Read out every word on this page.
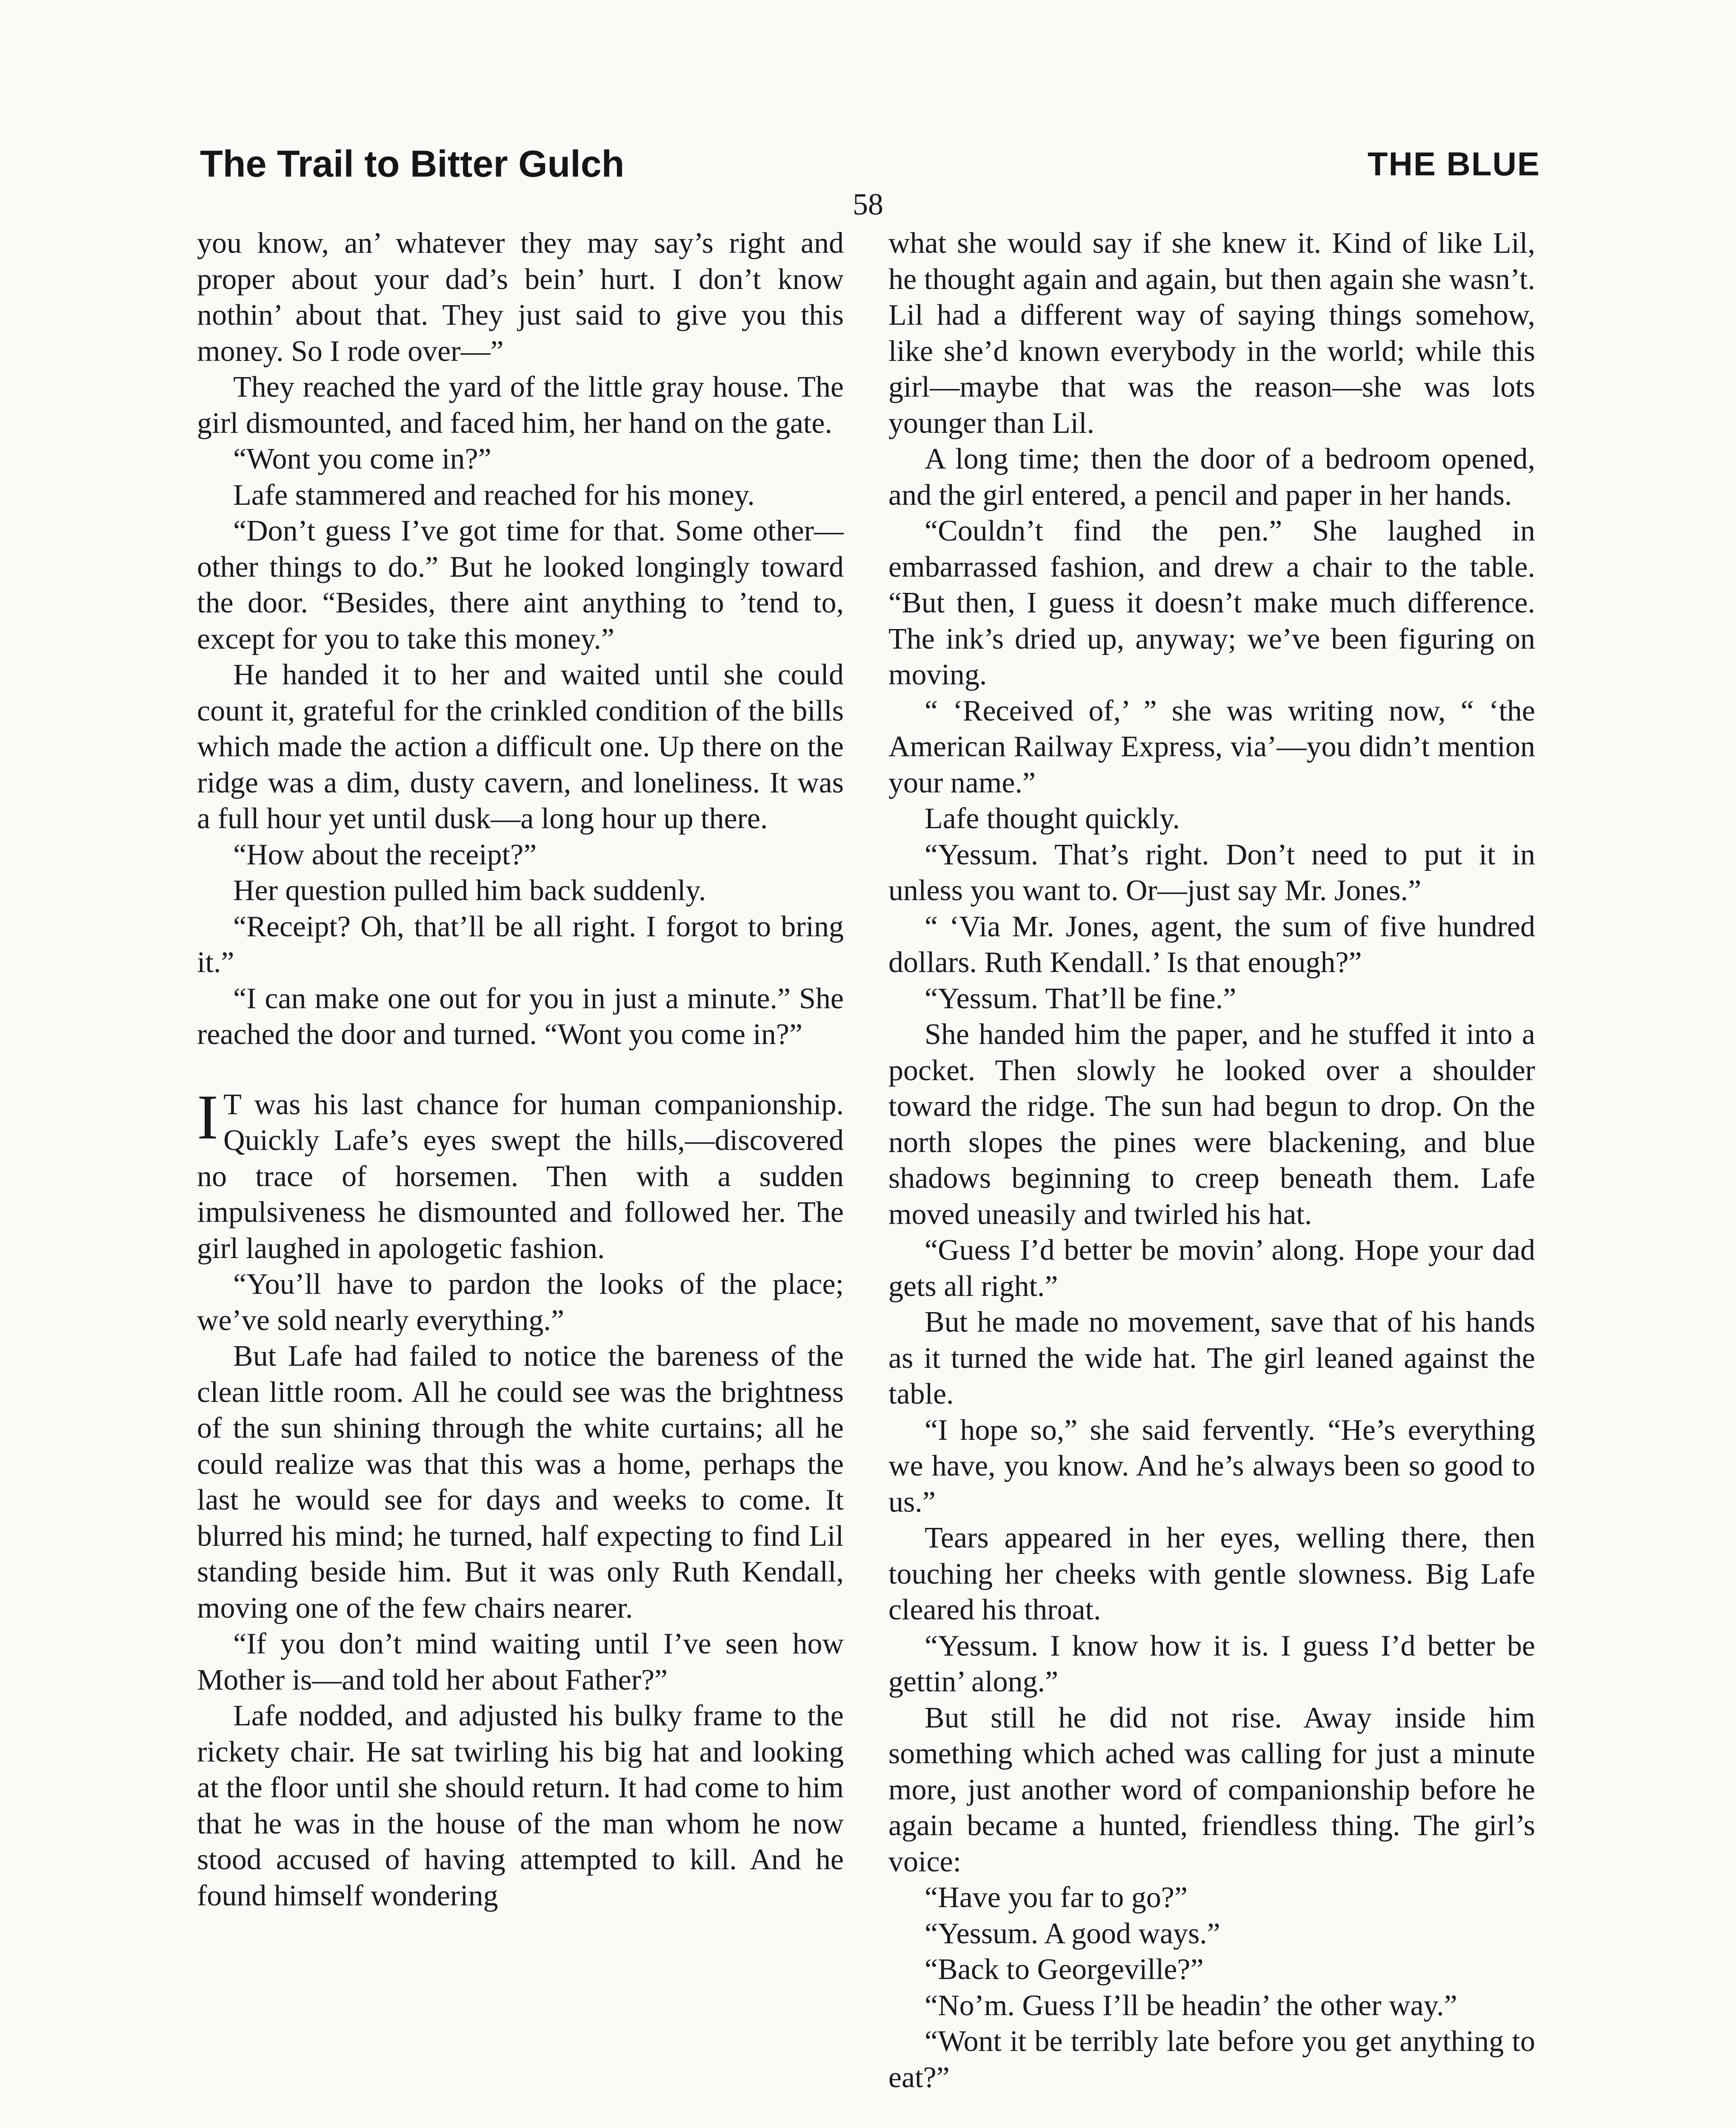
The Trail to Bitter Gulch	THE BLUE
58

you know, an’ whatever they may say’s right and proper about your dad’s bein’ hurt. I don’t know nothin’ about that. They just said to give you this money. So I rode over—”

They reached the yard of the little gray house. The girl dismounted, and faced him, her hand on the gate.

“Wont you come in?”

Lafe stammered and reached for his money.

“Don’t guess I’ve got time for that. Some other—other things to do.” But he looked longingly toward the door. “Besides, there aint anything to ’tend to, except for you to take this money.”

He handed it to her and waited until she could count it, grateful for the crinkled condition of the bills which made the action a difficult one. Up there on the ridge was a dim, dusty cavern, and loneliness. It was a full hour yet until dusk—a long hour up there.

“How about the receipt?”

Her question pulled him back suddenly.

“Receipt? Oh, that’ll be all right. I forgot to bring it.”

“I can make one out for you in just a minute.” She reached the door and turned. “Wont you come in?”

I T was his last chance for human companionship. Quickly Lafe’s eyes swept the hills,—discovered no trace of horsemen. Then with a sudden impulsiveness he dismounted and followed her. The girl laughed in apologetic fashion.

“You’ll have to pardon the looks of the place; we’ve sold nearly everything.”

But Lafe had failed to notice the bareness of the clean little room. All he could see was the brightness of the sun shining through the white curtains; all he could realize was that this was a home, perhaps the last he would see for days and weeks to come. It blurred his mind; he turned, half expecting to find Lil standing beside him. But it was only Ruth Kendall, moving one of the few chairs nearer.

“If you don’t mind waiting until I’ve seen how Mother is—and told her about Father?”

Lafe nodded, and adjusted his bulky frame to the rickety chair. He sat twirling his big hat and looking at the floor until she should return. It had come to him that he was in the house of the man whom he now stood accused of having attempted to kill. And he found himself wondering

what she would say if she knew it. Kind of like Lil, he thought again and again, but then again she wasn’t. Lil had a different way of saying things somehow, like she’d known everybody in the world; while this girl—maybe that was the reason—she was lots younger than Lil.

A long time; then the door of a bedroom opened, and the girl entered, a pencil and paper in her hands.

“Couldn’t find the pen.” She laughed in embarrassed fashion, and drew a chair to the table. “But then, I guess it doesn’t make much difference. The ink’s dried up, anyway; we’ve been figuring on moving.

“ ‘Received of,’ ” she was writing now, “ ‘the American Railway Express, via’—you didn’t mention your name.”

Lafe thought quickly.

“Yessum. That’s right. Don’t need to put it in unless you want to. Or—just say Mr. Jones.”

“ ‘Via Mr. Jones, agent, the sum of five hundred dollars. Ruth Kendall.’ Is that enough?”

“Yessum. That’ll be fine.”

She handed him the paper, and he stuffed it into a pocket. Then slowly he looked over a shoulder toward the ridge. The sun had begun to drop. On the north slopes the pines were blackening, and blue shadows beginning to creep beneath them. Lafe moved uneasily and twirled his hat.

“Guess I’d better be movin’ along. Hope your dad gets all right.”

But he made no movement, save that of his hands as it turned the wide hat. The girl leaned against the table.

“I hope so,” she said fervently. “He’s everything we have, you know. And he’s always been so good to us.”

Tears appeared in her eyes, welling there, then touching her cheeks with gentle slowness. Big Lafe cleared his throat.

“Yessum. I know how it is. I guess I’d better be gettin’ along.”

But still he did not rise. Away inside him something which ached was calling for just a minute more, just another word of companionship before he again became a hunted, friendless thing. The girl’s voice:

“Have you far to go?”

“Yessum. A good ways.”

“Back to Georgeville?”

“No’m. Guess I’ll be headin’ the other way.”

“Wont it be terribly late before you get anything to eat?”
